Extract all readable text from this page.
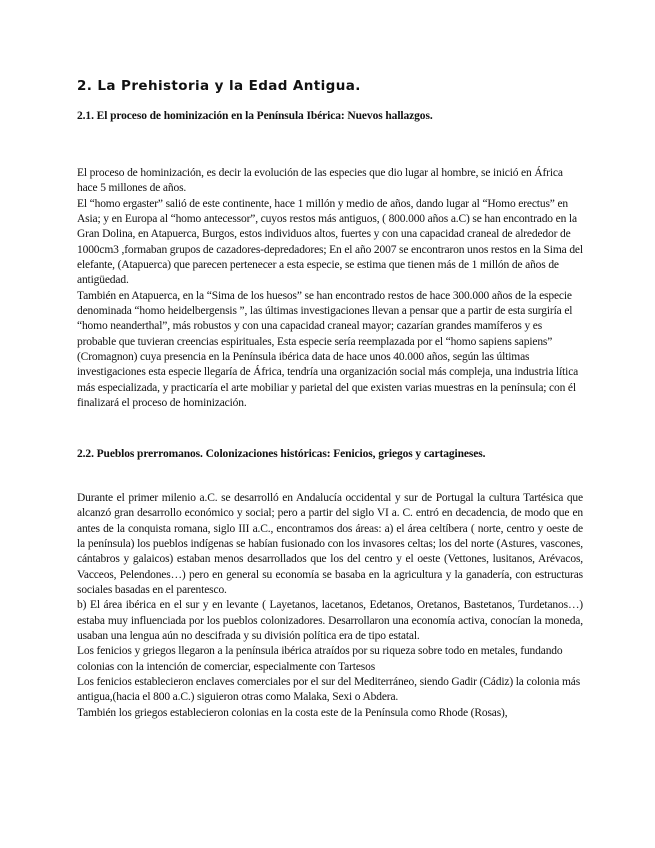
2. La Prehistoria y la Edad Antigua.
2.1. El proceso de hominización en la Península Ibérica: Nuevos hallazgos.

El proceso de hominización, es decir la evolución de las especies que dio lugar al hombre, se inició en África hace 5 millones de años.

El “homo ergaster” salió de este continente, hace 1 millón y medio de años, dando lugar al “Homo erectus” en Asia; y en Europa al “homo antecessor”, cuyos restos más antiguos, ( 800.000 años a.C) se han encontrado en la Gran Dolina, en Atapuerca, Burgos, estos individuos altos, fuertes y con una capacidad craneal de alrededor de 1000cm3 ,formaban grupos de cazadores-depredadores; En el año 2007 se encontraron unos restos en la Sima del elefante, (Atapuerca) que parecen pertenecer a esta especie, se estima que tienen más de 1 millón de años de antigüedad.

También en Atapuerca, en la “Sima de los huesos” se han encontrado restos de hace 300.000 años de la especie denominada “homo heidelbergensis ”, las últimas investigaciones llevan a pensar que a partir de esta surgiría el “homo neanderthal”, más robustos y con una capacidad craneal mayor; cazarían grandes mamíferos y es probable que tuvieran creencias espirituales, Esta especie sería reemplazada por el “homo sapiens sapiens” (Cromagnon) cuya presencia en la Península ibérica data de hace unos 40.000 años, según las últimas investigaciones esta especie llegaría de África, tendría una organización social más compleja, una industria lítica más especializada, y practicaría el arte mobiliar y parietal del que existen varias muestras en la península; con él finalizará el proceso de hominización.

2.2. Pueblos prerromanos. Colonizaciones históricas: Fenicios, griegos y cartagineses.

Durante el primer milenio a.C. se desarrolló en Andalucía occidental y sur de Portugal la cultura Tartésica que alcanzó gran desarrollo económico y social; pero a partir del siglo VI a. C. entró en decadencia, de modo que en antes de la conquista romana, siglo III a.C., encontramos dos áreas: a) el área celtíbera ( norte, centro y oeste de la península) los pueblos indígenas se habían fusionado con los invasores celtas; los del norte (Astures, vascones, cántabros y galaicos) estaban menos desarrollados que los del centro y el oeste (Vettones, lusitanos, Arévacos, Vacceos, Pelendones…) pero en general su economía se basaba en la agricultura y la ganadería, con estructuras sociales basadas en el parentesco.

b) El área ibérica en el sur y en levante ( Layetanos, lacetanos, Edetanos, Oretanos, Bastetanos, Turdetanos…) estaba muy influenciada por los pueblos colonizadores. Desarrollaron una economía activa, conocían la moneda, usaban una lengua aún no descifrada y su división política era de tipo estatal.

Los fenicios y griegos llegaron a la península ibérica atraídos por su riqueza sobre todo en metales, fundando colonias con la intención de comerciar, especialmente con Tartesos

Los fenicios establecieron enclaves comerciales por el sur del Mediterráneo, siendo Gadir (Cádiz) la colonia más antigua,(hacia el 800 a.C.) siguieron otras como Malaka, Sexi o Abdera.

También los griegos establecieron colonias en la costa este de la Península como Rhode (Rosas),
